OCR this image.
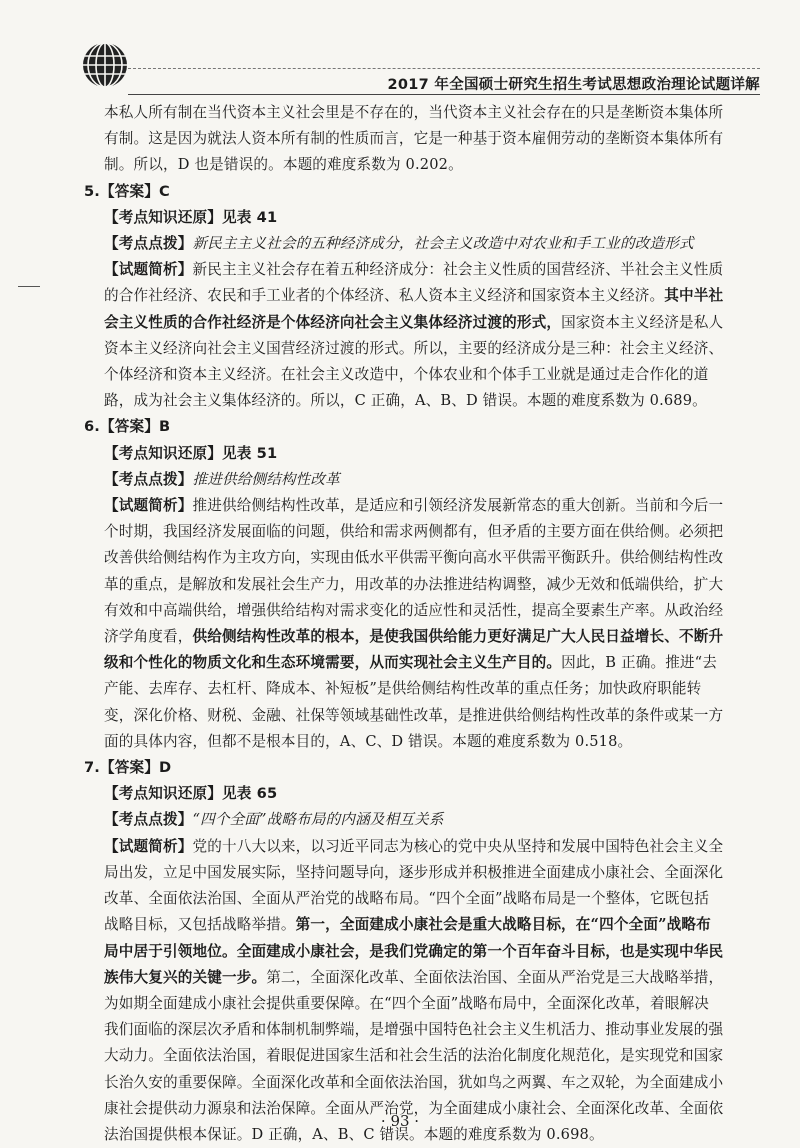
2017 年全国硕士研究生招生考试思想政治理论试题详解

本私人所有制在当代资本主义社会里是不存在的，当代资本主义社会存在的只是垄断资本集体所

有制。这是因为就法人资本所有制的性质而言，它是一种基于资本雇佣劳动的垄断资本集体所有

制。所以，D 也是错误的。本题的难度系数为 0.202。

5.【答案】C

【考点知识还原】见表 41

【考点点拨】新民主主义社会的五种经济成分，社会主义改造中对农业和手工业的改造形式

【试题简析】新民主主义社会存在着五种经济成分：社会主义性质的国营经济、半社会主义性质

的合作社经济、农民和手工业者的个体经济、私人资本主义经济和国家资本主义经济。其中半社

会主义性质的合作社经济是个体经济向社会主义集体经济过渡的形式，国家资本主义经济是私人

资本主义经济向社会主义国营经济过渡的形式。所以，主要的经济成分是三种：社会主义经济、

个体经济和资本主义经济。在社会主义改造中，个体农业和个体手工业就是通过走合作化的道

路，成为社会主义集体经济的。所以，C 正确，A、B、D 错误。本题的难度系数为 0.689。

6.【答案】B

【考点知识还原】见表 51

【考点点拨】推进供给侧结构性改革

【试题简析】推进供给侧结构性改革，是适应和引领经济发展新常态的重大创新。当前和今后一

个时期，我国经济发展面临的问题，供给和需求两侧都有，但矛盾的主要方面在供给侧。必须把

改善供给侧结构作为主攻方向，实现由低水平供需平衡向高水平供需平衡跃升。供给侧结构性改

革的重点，是解放和发展社会生产力，用改革的办法推进结构调整，减少无效和低端供给，扩大

有效和中高端供给，增强供给结构对需求变化的适应性和灵活性，提高全要素生产率。从政治经

济学角度看，供给侧结构性改革的根本，是使我国供给能力更好满足广大人民日益增长、不断升

级和个性化的物质文化和生态环境需要，从而实现社会主义生产目的。因此，B 正确。推进“去

产能、去库存、去杠杆、降成本、补短板”是供给侧结构性改革的重点任务；加快政府职能转

变，深化价格、财税、金融、社保等领域基础性改革，是推进供给侧结构性改革的条件或某一方

面的具体内容，但都不是根本目的，A、C、D 错误。本题的难度系数为 0.518。

7.【答案】D

【考点知识还原】见表 65

【考点点拨】“四个全面”战略布局的内涵及相互关系

【试题简析】党的十八大以来，以习近平同志为核心的党中央从坚持和发展中国特色社会主义全

局出发，立足中国发展实际，坚持问题导向，逐步形成并积极推进全面建成小康社会、全面深化

改革、全面依法治国、全面从严治党的战略布局。“四个全面”战略布局是一个整体，它既包括

战略目标，又包括战略举措。第一，全面建成小康社会是重大战略目标，在“四个全面”战略布

局中居于引领地位。全面建成小康社会，是我们党确定的第一个百年奋斗目标，也是实现中华民

族伟大复兴的关键一步。第二，全面深化改革、全面依法治国、全面从严治党是三大战略举措，

为如期全面建成小康社会提供重要保障。在“四个全面”战略布局中，全面深化改革，着眼解决

我们面临的深层次矛盾和体制机制弊端，是增强中国特色社会主义生机活力、推动事业发展的强

大动力。全面依法治国，着眼促进国家生活和社会生活的法治化制度化规范化，是实现党和国家

长治久安的重要保障。全面深化改革和全面依法治国，犹如鸟之两翼、车之双轮，为全面建成小

康社会提供动力源泉和法治保障。全面从严治党，为全面建成小康社会、全面深化改革、全面依

法治国提供根本保证。D 正确，A、B、C 错误。本题的难度系数为 0.698。

· 93 ·
